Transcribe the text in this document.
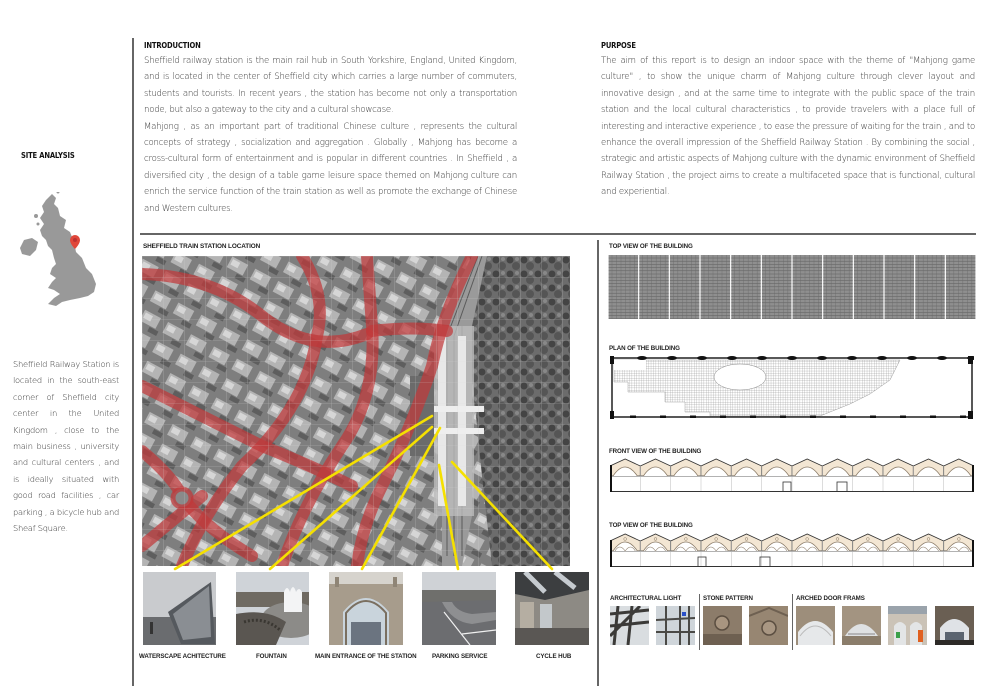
INTRODUCTION

Sheffield railway station is the main rail hub in South Yorkshire, England, United Kingdom, and is located in the center of Sheffield city which carries a large number of commuters, students and tourists. In recent years , the station has become not only a transportation node, but also a gateway to the city and a cultural showcase.

Mahjong , as an important part of traditional Chinese culture , represents the cultural concepts of strategy , socialization and aggregation . Globally , Mahjong has become a cross-cultural form of entertainment and is popular in different countries . In Sheffield , a diversified city , the design of a table game leisure space themed on Mahjong culture can enrich the service function of the train station as well as promote the exchange of Chinese and Western cultures.

PURPOSE

The aim of this report is to design an indoor space with the theme of "Mahjong game culture" , to show the unique charm of Mahjong culture through clever layout and innovative design , and at the same time to integrate with the public space of the train station and the local cultural characteristics , to provide travelers with a place full of interesting and interactive experience , to ease the pressure of waiting for the train , and to enhance the overall impression of the Sheffield Railway Station . By combining the social , strategic and artistic aspects of Mahjong culture with the dynamic environment of Sheffield Railway Station , the project aims to create a multifaceted space that is functional, cultural and experiential.

SITE ANALYSIS
Sheffield Railway Station is located in the south-east corner of Sheffield city center in the United Kingdom , close to the main business , university and cultural centers , and is ideally situated with good road facilities , car parking , a bicycle hub and Sheaf Square.
SHEFFIELD TRAIN STATION LOCATION
WATERSCAPE ACHITECTURE	FOUNTAIN	MAIN ENTRANCE OF THE STATION	PARKING SERVICE	CYCLE HUB
TOP VIEW OF THE BUILDING
PLAN OF THE BUILDING
FRONT VIEW OF THE BUILDING
TOP VIEW OF THE BUILDING
ARCHITECTURAL LIGHT	STONE PATTERN	ARCHED DOOR FRAMS
